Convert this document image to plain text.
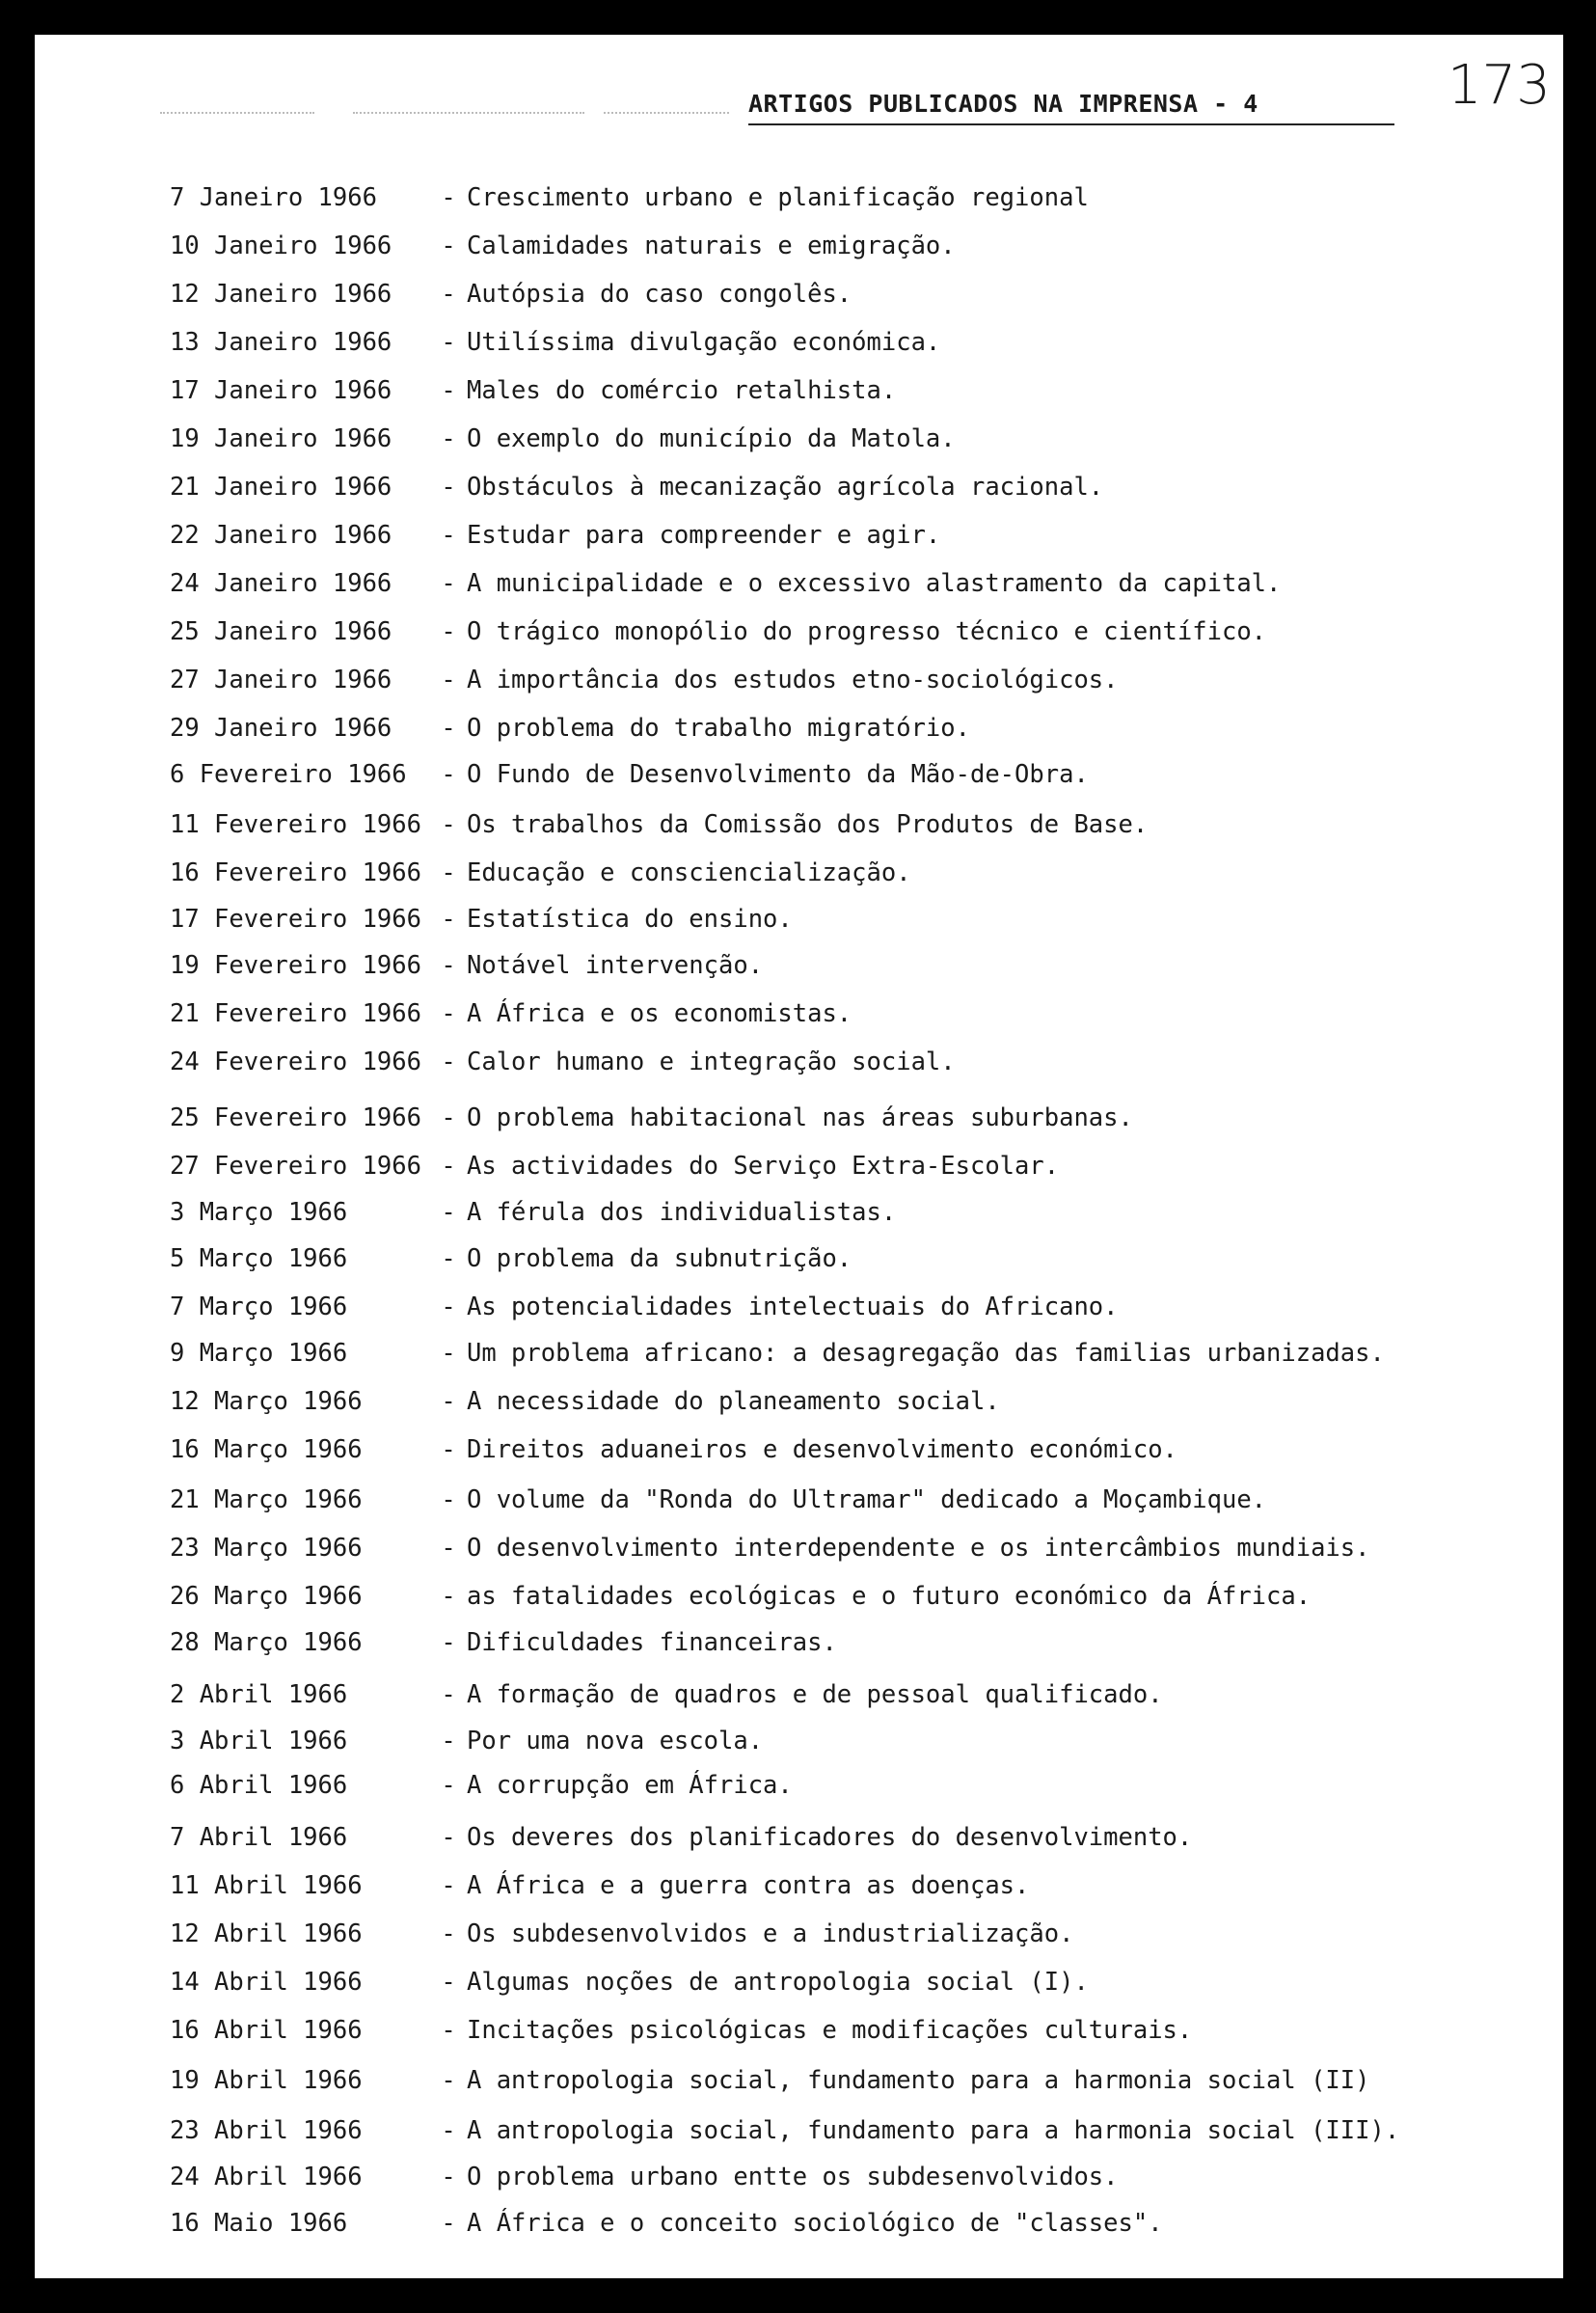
ARTIGOS PUBLICADOS NA IMPRENSA - 4	173
7 Janeiro 1966	- Crescimento urbano e planificação regional
10 Janeiro 1966	- Calamidades naturais e emigração.
12 Janeiro 1966	- Autópsia do caso congolês.
13 Janeiro 1966	- Utilíssima divulgação económica.
17 Janeiro 1966	- Males do comércio retalhista.
19 Janeiro 1966	- O exemplo do município da Matola.
21 Janeiro 1966	- Obstáculos à mecanização agrícola racional.
22 Janeiro 1966	- Estudar para compreender e agir.
24 Janeiro 1966	- A municipalidade e o excessivo alastramento da capital.
25 Janeiro 1966	- O trágico monopólio do progresso técnico e científico.
27 Janeiro 1966	- A importância dos estudos etno-sociológicos.
29 Janeiro 1966	- O problema do trabalho migratório.
6 Fevereiro 1966	- O Fundo de Desenvolvimento da Mão-de-Obra.
11 Fevereiro 1966 - Os trabalhos da Comissão dos Produtos de Base.
16 Fevereiro 1966 - Educação e consciencialização.
17 Fevereiro 1966 - Estatística do ensino.
19 Fevereiro 1966 - Notável intervenção.
21 Fevereiro 1966 - A África e os economistas.
24 Fevereiro 1966 - Calor humano e integração social.
25 Fevereiro 1966 - O problema habitacional nas áreas suburbanas.
27 Fevereiro 1966 - As actividades do Serviço Extra-Escolar.
3 Março 1966	- A férula dos individualistas.
5 Março 1966	- O problema da subnutrição.
7 Março 1966	- As potencialidades intelectuais do Africano.
9 Março 1966	- Um problema africano: a desagregação das familias urbanizadas.
12 Março 1966	- A necessidade do planeamento social.
16 Março 1966	- Direitos aduaneiros e desenvolvimento económico.
21 Março 1966	- O volume da "Ronda do Ultramar" dedicado a Moçambique.
23 Março 1966	- O desenvolvimento interdependente e os intercâmbios mundiais.
26 Março 1966	- as fatalidades ecológicas e o futuro económico da África.
28 Março 1966	- Dificuldades financeiras.
2 Abril 1966	- A formação de quadros e de pessoal qualificado.
3 Abril 1966	- Por uma nova escola.
6 Abril 1966	- A corrupção em África.
7 Abril 1966	- Os deveres dos planificadores do desenvolvimento.
11 Abril 1966	- A África e a guerra contra as doenças.
12 Abril 1966	- Os subdesenvolvidos e a industrialização.
14 Abril 1966	- Algumas noções de antropologia social (I).
16 Abril 1966	- Incitações psicológicas e modificações culturais.
19 Abril 1966	- A antropologia social, fundamento para a harmonia social (II)
23 Abril 1966	- A antropologia social, fundamento para a harmonia social (III).
24 Abril 1966	- O problema urbano entte os subdesenvolvidos.
16 Maio 1966	- A África e o conceito sociológico de "classes".
